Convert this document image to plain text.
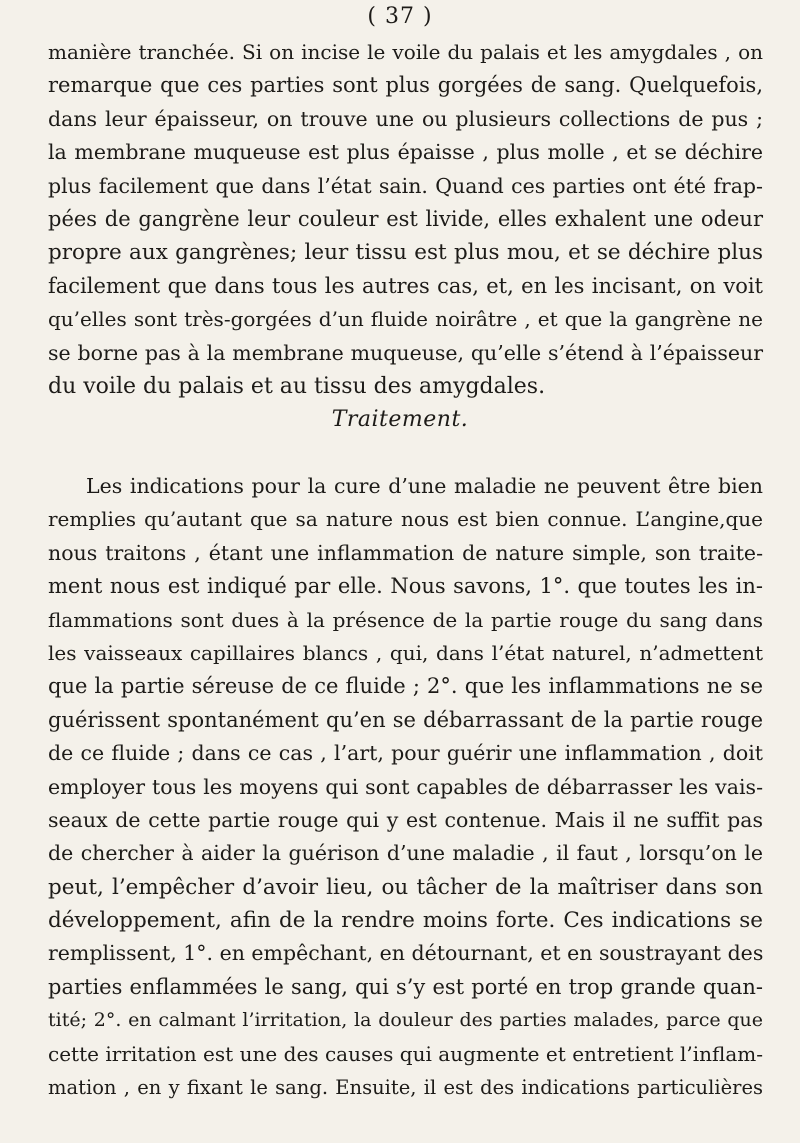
( 37 )
manière tranchée. Si on incise le voile du palais et les amygdales , on
remarque que ces parties sont plus gorgées de sang. Quelquefois,
dans leur épaisseur, on trouve une ou plusieurs collections de pus ;
la membrane muqueuse est plus épaisse , plus molle , et se déchire
plus facilement que dans l’état sain. Quand ces parties ont été frap-
pées de gangrène leur couleur est livide, elles exhalent une odeur
propre aux gangrènes; leur tissu est plus mou, et se déchire plus
facilement que dans tous les autres cas, et, en les incisant, on voit
qu’elles sont très-gorgées d’un fluide noirâtre , et que la gangrène ne
se borne pas à la membrane muqueuse, qu’elle s’étend à l’épaisseur
du voile du palais et au tissu des amygdales.
Traitement.
Les indications pour la cure d’une maladie ne peuvent être bien
remplies qu’autant que sa nature nous est bien connue. L’angine,que
nous traitons , étant une inflammation de nature simple, son traite-
ment nous est indiqué par elle. Nous savons, 1°. que toutes les in-
flammations sont dues à la présence de la partie rouge du sang dans
les vaisseaux capillaires blancs , qui, dans l’état naturel, n’admettent
que la partie séreuse de ce fluide ; 2°. que les inflammations ne se
guérissent spontanément qu’en se débarrassant de la partie rouge
de ce fluide ; dans ce cas , l’art, pour guérir une inflammation , doit
employer tous les moyens qui sont capables de débarrasser les vais-
seaux de cette partie rouge qui y est contenue. Mais il ne suffit pas
de chercher à aider la guérison d’une maladie , il faut , lorsqu’on le
peut, l’empêcher d’avoir lieu, ou tâcher de la maîtriser dans son
développement, afin de la rendre moins forte. Ces indications se
remplissent, 1°. en empêchant, en détournant, et en soustrayant des
parties enflammées le sang, qui s’y est porté en trop grande quan-
tité; 2°. en calmant l’irritation, la douleur des parties malades, parce que
cette irritation est une des causes qui augmente et entretient l’inflam-
mation , en y fixant le sang. Ensuite, il est des indications particulières
